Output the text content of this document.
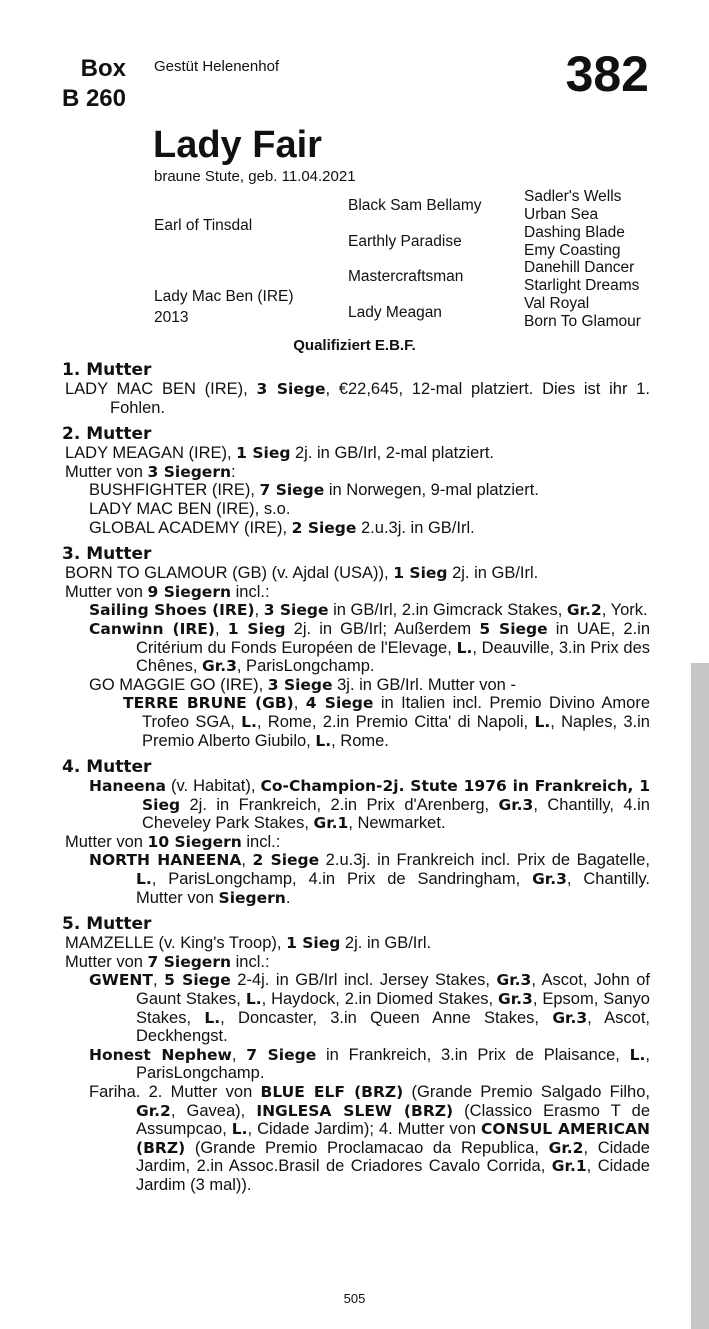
Box
B 260
Gestüt Helenenhof	382
Lady Fair
braune Stute, geb. 11.04.2021
Earl of Tinsdal
Lady Mac Ben (IRE)
2013
Black Sam Bellamy
Earthly Paradise
Mastercraftsman
Lady Meagan
Sadler's Wells
Urban Sea
Dashing Blade
Emy Coasting
Danehill Dancer
Starlight Dreams
Val Royal
Born To Glamour
Qualifiziert E.B.F.
1. Mutter
LADY MAC BEN (IRE), 3 Siege, €22,645, 12-mal platziert. Dies ist ihr 1. Fohlen.
2. Mutter
LADY MEAGAN (IRE), 1 Sieg 2j. in GB/Irl, 2-mal platziert.
Mutter von 3 Siegern:
BUSHFIGHTER (IRE), 7 Siege in Norwegen, 9-mal platziert.
LADY MAC BEN (IRE), s.o.
GLOBAL ACADEMY (IRE), 2 Siege 2.u.3j. in GB/Irl.
3. Mutter
BORN TO GLAMOUR (GB) (v. Ajdal (USA)), 1 Sieg 2j. in GB/Irl.
Mutter von 9 Siegern incl.:
Sailing Shoes (IRE), 3 Siege in GB/Irl, 2.in Gimcrack Stakes, Gr.2, York.
Canwinn (IRE), 1 Sieg 2j. in GB/Irl; Außerdem 5 Siege in UAE, 2.in Critérium du Fonds Européen de l'Elevage, L., Deauville, 3.in Prix des Chênes, Gr.3, ParisLongchamp.
GO MAGGIE GO (IRE), 3 Siege 3j. in GB/Irl. Mutter von -
TERRE BRUNE (GB), 4 Siege in Italien incl. Premio Divino Amore Trofeo SGA, L., Rome, 2.in Premio Citta' di Napoli, L., Naples, 3.in Premio Alberto Giubilo, L., Rome.
4. Mutter
Haneena (v. Habitat), Co-Champion-2j. Stute 1976 in Frankreich, 1 Sieg 2j. in Frankreich, 2.in Prix d'Arenberg, Gr.3, Chantilly, 4.in Cheveley Park Stakes, Gr.1, Newmarket.
Mutter von 10 Siegern incl.:
NORTH HANEENA, 2 Siege 2.u.3j. in Frankreich incl. Prix de Bagatelle, L., ParisLongchamp, 4.in Prix de Sandringham, Gr.3, Chantilly. Mutter von Siegern.
5. Mutter
MAMZELLE (v. King's Troop), 1 Sieg 2j. in GB/Irl.
Mutter von 7 Siegern incl.:
GWENT, 5 Siege 2-4j. in GB/Irl incl. Jersey Stakes, Gr.3, Ascot, John of Gaunt Stakes, L., Haydock, 2.in Diomed Stakes, Gr.3, Epsom, Sanyo Stakes, L., Doncaster, 3.in Queen Anne Stakes, Gr.3, Ascot, Deckhengst.
Honest Nephew, 7 Siege in Frankreich, 3.in Prix de Plaisance, L., ParisLongchamp.
Fariha. 2. Mutter von BLUE ELF (BRZ) (Grande Premio Salgado Filho, Gr.2, Gavea), INGLESA SLEW (BRZ) (Classico Erasmo T de Assumpcao, L., Cidade Jardim); 4. Mutter von CONSUL AMERICAN (BRZ) (Grande Premio Proclamacao da Republica, Gr.2, Cidade Jardim, 2.in Assoc.Brasil de Criadores Cavalo Corrida, Gr.1, Cidade Jardim (3 mal)).
505
